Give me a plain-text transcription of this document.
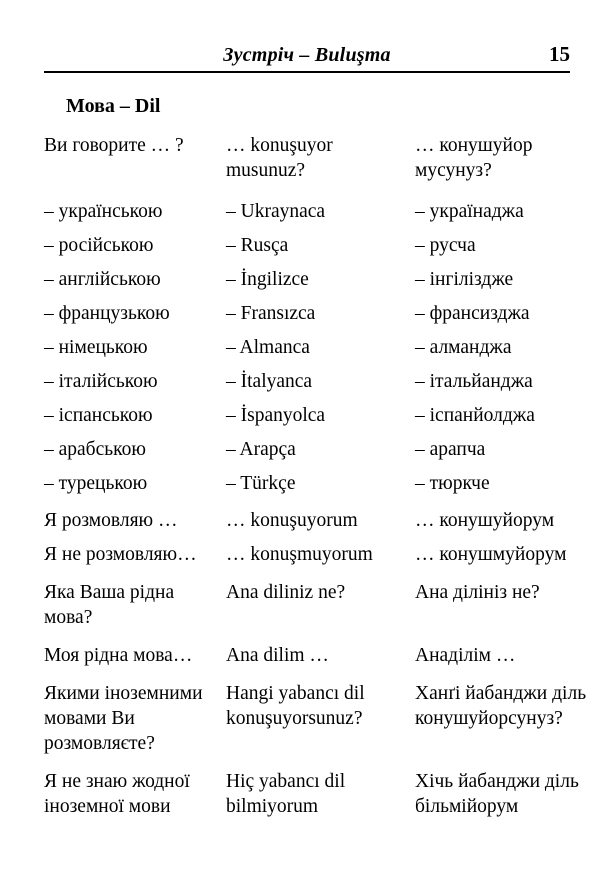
Зустріч – Buluşma	15
Мова – Dil
Ви говорите … ?	… konuşuyor musunuz?	… конушуйор мусунуз?
– українською	– Ukraynaca	– українаджа
– російською	– Rusça	– русча
– англійською	– İngilizce	– інгіліздже
– французькою	– Fransızca	– франсизджа
– німецькою	– Almanca	– алманджа
– італійською	– İtalyanca	– італьйанджа
– іспанською	– İspanyolca	– іспанйолджа
– арабською	– Arapça	– арапча
– турецькою	– Türkçe	– тюркче
Я розмовляю …	… konuşuyorum	… конушуйорум
Я не розмовляю…	… konuşmuyorum	… конушмуйорум
Яка Ваша рідна мова?	Ana diliniz ne?	Ана ділініз не?
Моя рідна мова…	Ana dilim …	Анаділім …
Якими іноземними мовами Ви розмовляєте?	Hangi yabancı dil konuşuyorsunuz?	Ханґі йабанджи діль конушуйорсунуз?
Я не знаю жодної іноземної мови	Hiç yabancı dil bilmiyorum	Хічь йабанджи діль більмійорум
